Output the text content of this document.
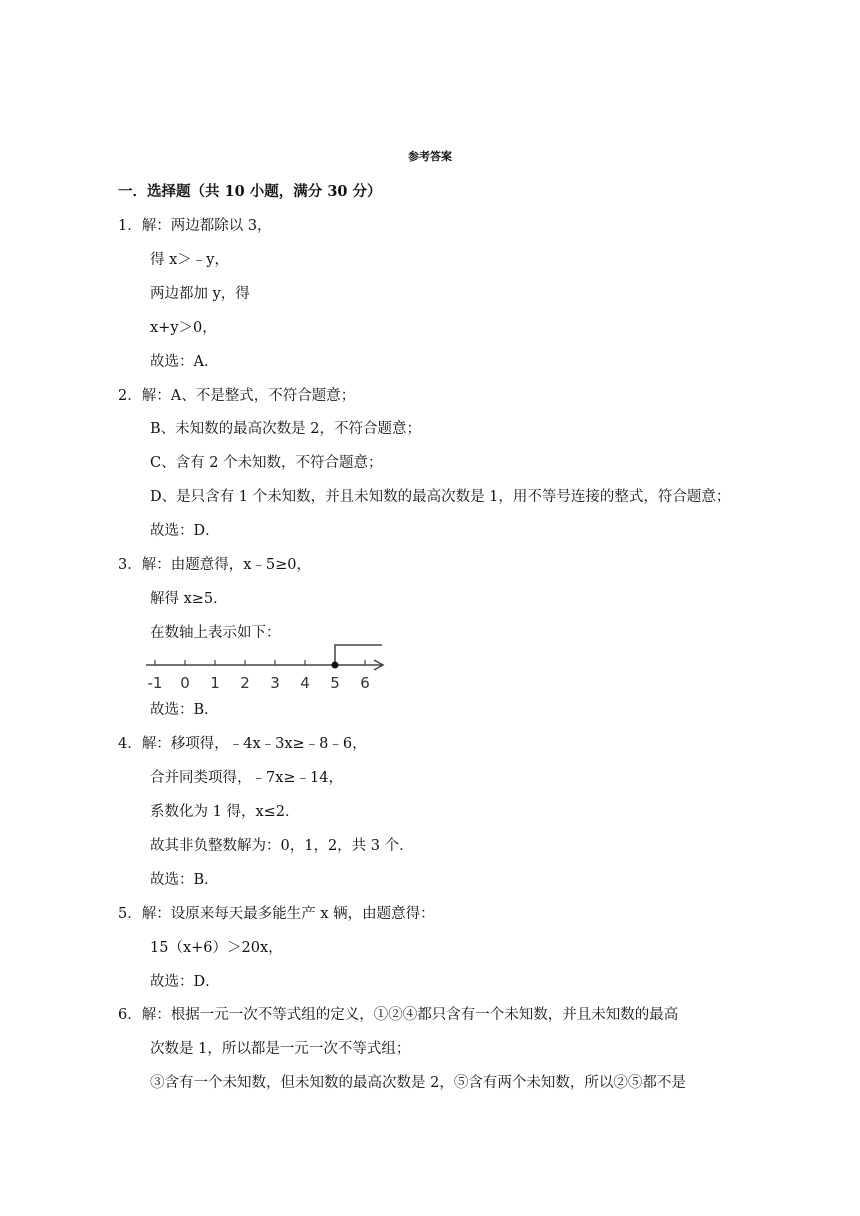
参考答案
一．选择题（共 10 小题，满分 30 分）
1．解：两边都除以 3，
得 x＞﹣y，
两边都加 y，得
x+y＞0，
故选：A．
2．解：A、不是整式，不符合题意；
B、未知数的最高次数是 2，不符合题意；
C、含有 2 个未知数，不符合题意；
D、是只含有 1 个未知数，并且未知数的最高次数是 1，用不等号连接的整式，符合题意；
故选：D．
3．解：由题意得，x﹣5≥0，
解得 x≥5．
在数轴上表示如下：
故选：B．
4．解：移项得，﹣4x﹣3x≥﹣8﹣6，
合并同类项得，﹣7x≥﹣14，
系数化为 1 得，x≤2．
故其非负整数解为：0，1，2，共 3 个．
故选：B．
5．解：设原来每天最多能生产 x 辆，由题意得：
15（x+6）＞20x，
故选：D．
6．解：根据一元一次不等式组的定义，①②④都只含有一个未知数，并且未知数的最高
次数是 1，所以都是一元一次不等式组；
③含有一个未知数，但未知数的最高次数是 2，⑤含有两个未知数，所以②⑤都不是
-1 0 1 2 3 4 5 6
